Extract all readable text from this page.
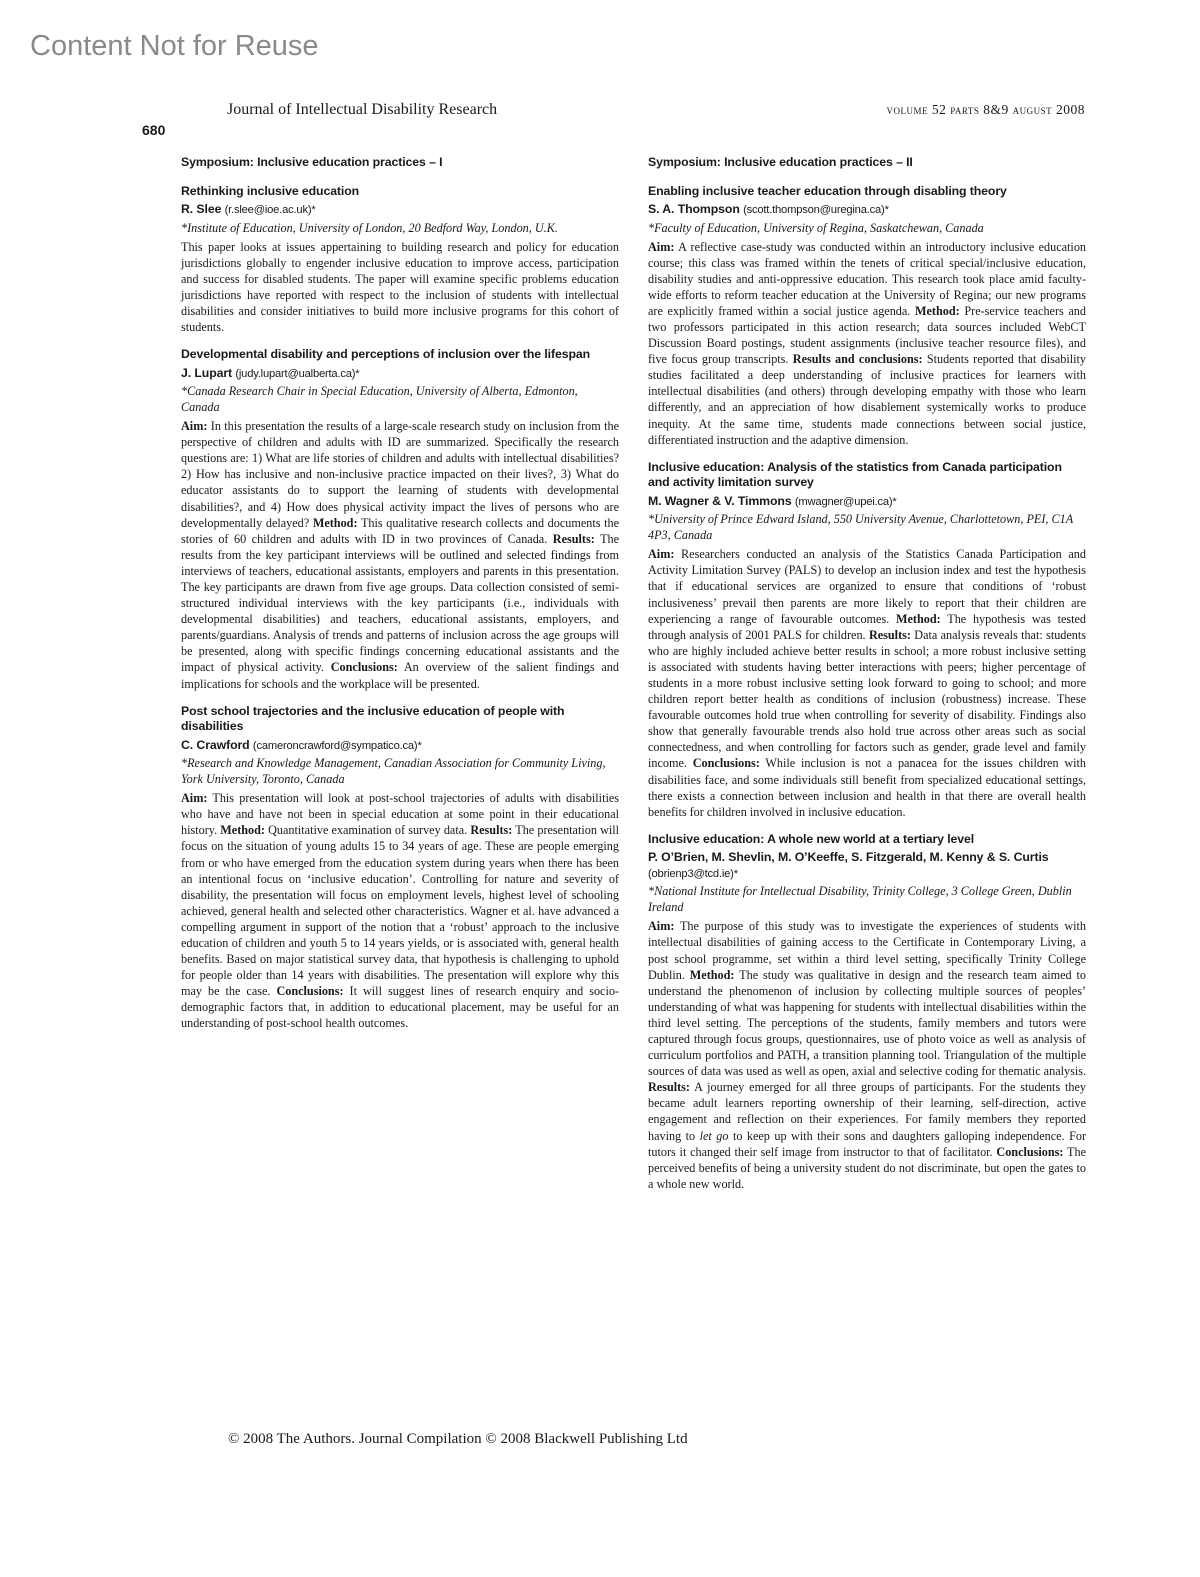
Content Not for Reuse
Journal of Intellectual Disability Research	volume 52 parts 8&9 august 2008
680
Symposium: Inclusive education practices – I
Rethinking inclusive education
R. Slee (r.slee@ioe.ac.uk)*
*Institute of Education, University of London, 20 Bedford Way, London, U.K.

This paper looks at issues appertaining to building research and policy for education jurisdictions globally to engender inclusive education to improve access, participation and success for disabled students. The paper will examine specific problems education jurisdictions have reported with respect to the inclusion of students with intellectual disabilities and consider initiatives to build more inclusive programs for this cohort of students.

Developmental disability and perceptions of inclusion over the lifespan
J. Lupart (judy.lupart@ualberta.ca)*
*Canada Research Chair in Special Education, University of Alberta, Edmonton, Canada

Aim: In this presentation the results of a large-scale research study on inclusion from the perspective of children and adults with ID are summarized. Specifically the research questions are: 1) What are life stories of children and adults with intellectual disabilities? 2) How has inclusive and non-inclusive practice impacted on their lives?, 3) What do educator assistants do to support the learning of students with developmental disabilities?, and 4) How does physical activity impact the lives of persons who are developmentally delayed? Method: This qualitative research collects and documents the stories of 60 children and adults with ID in two provinces of Canada. Results: The results from the key participant interviews will be outlined and selected findings from interviews of teachers, educational assistants, employers and parents in this presentation. The key participants are drawn from five age groups. Data collection consisted of semi-structured individual interviews with the key participants (i.e., individuals with developmental disabilities) and teachers, educational assistants, employers, and parents/guardians. Analysis of trends and patterns of inclusion across the age groups will be presented, along with specific findings concerning educational assistants and the impact of physical activity. Conclusions: An overview of the salient findings and implications for schools and the workplace will be presented.

Post school trajectories and the inclusive education of people with disabilities
C. Crawford (cameroncrawford@sympatico.ca)*
*Research and Knowledge Management, Canadian Association for Community Living, York University, Toronto, Canada

Aim: This presentation will look at post-school trajectories of adults with disabilities who have and have not been in special education at some point in their educational history. Method: Quantitative examination of survey data. Results: The presentation will focus on the situation of young adults 15 to 34 years of age. These are people emerging from or who have emerged from the education system during years when there has been an intentional focus on ‘inclusive education’. Controlling for nature and severity of disability, the presentation will focus on employment levels, highest level of schooling achieved, general health and selected other characteristics. Wagner et al. have advanced a compelling argument in support of the notion that a ‘robust’ approach to the inclusive education of children and youth 5 to 14 years yields, or is associated with, general health benefits. Based on major statistical survey data, that hypothesis is challenging to uphold for people older than 14 years with disabilities. The presentation will explore why this may be the case. Conclusions: It will suggest lines of research enquiry and socio-demographic factors that, in addition to educational placement, may be useful for an understanding of post-school health outcomes.

Symposium: Inclusive education practices – II
Enabling inclusive teacher education through disabling theory
S. A. Thompson (scott.thompson@uregina.ca)*
*Faculty of Education, University of Regina, Saskatchewan, Canada

Aim: A reflective case-study was conducted within an introductory inclusive education course; this class was framed within the tenets of critical special/inclusive education, disability studies and anti-oppressive education. This research took place amid faculty-wide efforts to reform teacher education at the University of Regina; our new programs are explicitly framed within a social justice agenda. Method: Pre-service teachers and two professors participated in this action research; data sources included WebCT Discussion Board postings, student assignments (inclusive teacher resource files), and five focus group transcripts. Results and conclusions: Students reported that disability studies facilitated a deep understanding of inclusive practices for learners with intellectual disabilities (and others) through developing empathy with those who learn differently, and an appreciation of how disablement systemically works to produce inequity. At the same time, students made connections between social justice, differentiated instruction and the adaptive dimension.

Inclusive education: Analysis of the statistics from Canada participation and activity limitation survey
M. Wagner & V. Timmons (mwagner@upei.ca)*
*University of Prince Edward Island, 550 University Avenue, Charlottetown, PEI, C1A 4P3, Canada

Aim: Researchers conducted an analysis of the Statistics Canada Participation and Activity Limitation Survey (PALS) to develop an inclusion index and test the hypothesis that if educational services are organized to ensure that conditions of ‘robust inclusiveness’ prevail then parents are more likely to report that their children are experiencing a range of favourable outcomes. Method: The hypothesis was tested through analysis of 2001 PALS for children. Results: Data analysis reveals that: students who are highly included achieve better results in school; a more robust inclusive setting is associated with students having better interactions with peers; higher percentage of students in a more robust inclusive setting look forward to going to school; and more children report better health as conditions of inclusion (robustness) increase. These favourable outcomes hold true when controlling for severity of disability. Findings also show that generally favourable trends also hold true across other areas such as social connectedness, and when controlling for factors such as gender, grade level and family income. Conclusions: While inclusion is not a panacea for the issues children with disabilities face, and some individuals still benefit from specialized educational settings, there exists a connection between inclusion and health in that there are overall health benefits for children involved in inclusive education.

Inclusive education: A whole new world at a tertiary level
P. O’Brien, M. Shevlin, M. O’Keeffe, S. Fitzgerald, M. Kenny & S. Curtis (obrienp3@tcd.ie)*
*National Institute for Intellectual Disability, Trinity College, 3 College Green, Dublin Ireland

Aim: The purpose of this study was to investigate the experiences of students with intellectual disabilities of gaining access to the Certificate in Contemporary Living, a post school programme, set within a third level setting, specifically Trinity College Dublin. Method: The study was qualitative in design and the research team aimed to understand the phenomenon of inclusion by collecting multiple sources of peoples’ understanding of what was happening for students with intellectual disabilities within the third level setting. The perceptions of the students, family members and tutors were captured through focus groups, questionnaires, use of photo voice as well as analysis of curriculum portfolios and PATH, a transition planning tool. Triangulation of the multiple sources of data was used as well as open, axial and selective coding for thematic analysis. Results: A journey emerged for all three groups of participants. For the students they became adult learners reporting ownership of their learning, self-direction, active engagement and reflection on their experiences. For family members they reported having to let go to keep up with their sons and daughters galloping independence. For tutors it changed their self image from instructor to that of facilitator. Conclusions: The perceived benefits of being a university student do not discriminate, but open the gates to a whole new world.

© 2008 The Authors. Journal Compilation © 2008 Blackwell Publishing Ltd
